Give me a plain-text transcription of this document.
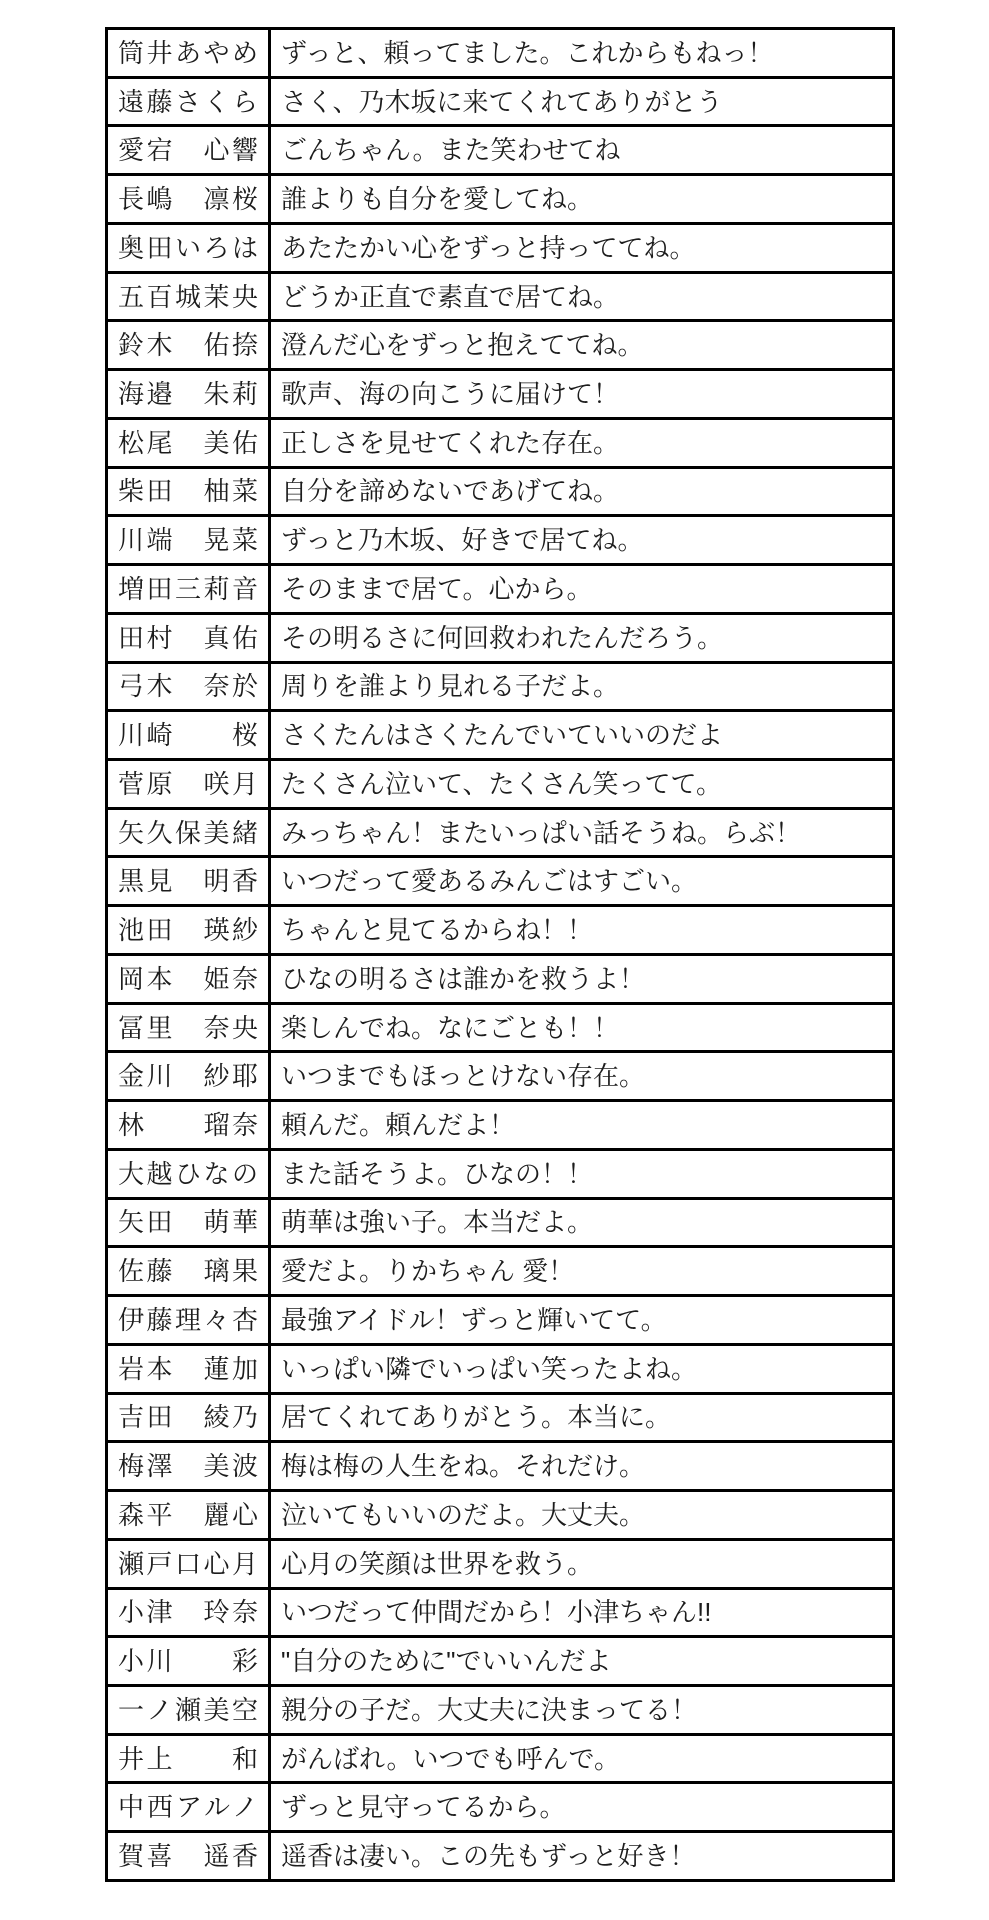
筒井あやめ	ずっと、頼ってました。これからもねっ！
遠藤さくら	さく、乃木坂に来てくれてありがとう
愛宕　心響	ごんちゃん。また笑わせてね
長嶋　凛桜	誰よりも自分を愛してね。
奥田いろは	あたたかい心をずっと持っててね。
五百城茉央	どうか正直で素直で居てね。
鈴木　佑捺	澄んだ心をずっと抱えててね。
海邉　朱莉	歌声、海の向こうに届けて！
松尾　美佑	正しさを見せてくれた存在。
柴田　柚菜	自分を諦めないであげてね。
川端　晃菜	ずっと乃木坂、好きで居てね。
増田三莉音	そのままで居て。心から。
田村　真佑	その明るさに何回救われたんだろう。
弓木　奈於	周りを誰より見れる子だよ。
川崎　　桜	さくたんはさくたんでいていいのだよ
菅原　咲月	たくさん泣いて、たくさん笑ってて。
矢久保美緒	みっちゃん！またいっぱい話そうね。らぶ！
黒見　明香	いつだって愛あるみんごはすごい。
池田　瑛紗	ちゃんと見てるからね！！
岡本　姫奈	ひなの明るさは誰かを救うよ！
冨里　奈央	楽しんでね。なにごとも！！
金川　紗耶	いつまでもほっとけない存在。
林　　瑠奈	頼んだ。頼んだよ！
大越ひなの	また話そうよ。ひなの！！
矢田　萌華	萌華は強い子。本当だよ。
佐藤　璃果	愛だよ。りかちゃん 愛！
伊藤理々杏	最強アイドル！ずっと輝いてて。
岩本　蓮加	いっぱい隣でいっぱい笑ったよね。
吉田　綾乃	居てくれてありがとう。本当に。
梅澤　美波	梅は梅の人生をね。それだけ。
森平　麗心	泣いてもいいのだよ。大丈夫。
瀬戸口心月	心月の笑顔は世界を救う。
小津　玲奈	いつだって仲間だから！小津ちゃん!!
小川　　彩	"自分のために"でいいんだよ
一ノ瀬美空	親分の子だ。大丈夫に決まってる！
井上　　和	がんばれ。いつでも呼んで。
中西アルノ	ずっと見守ってるから。
賀喜　遥香	遥香は凄い。この先もずっと好き！
